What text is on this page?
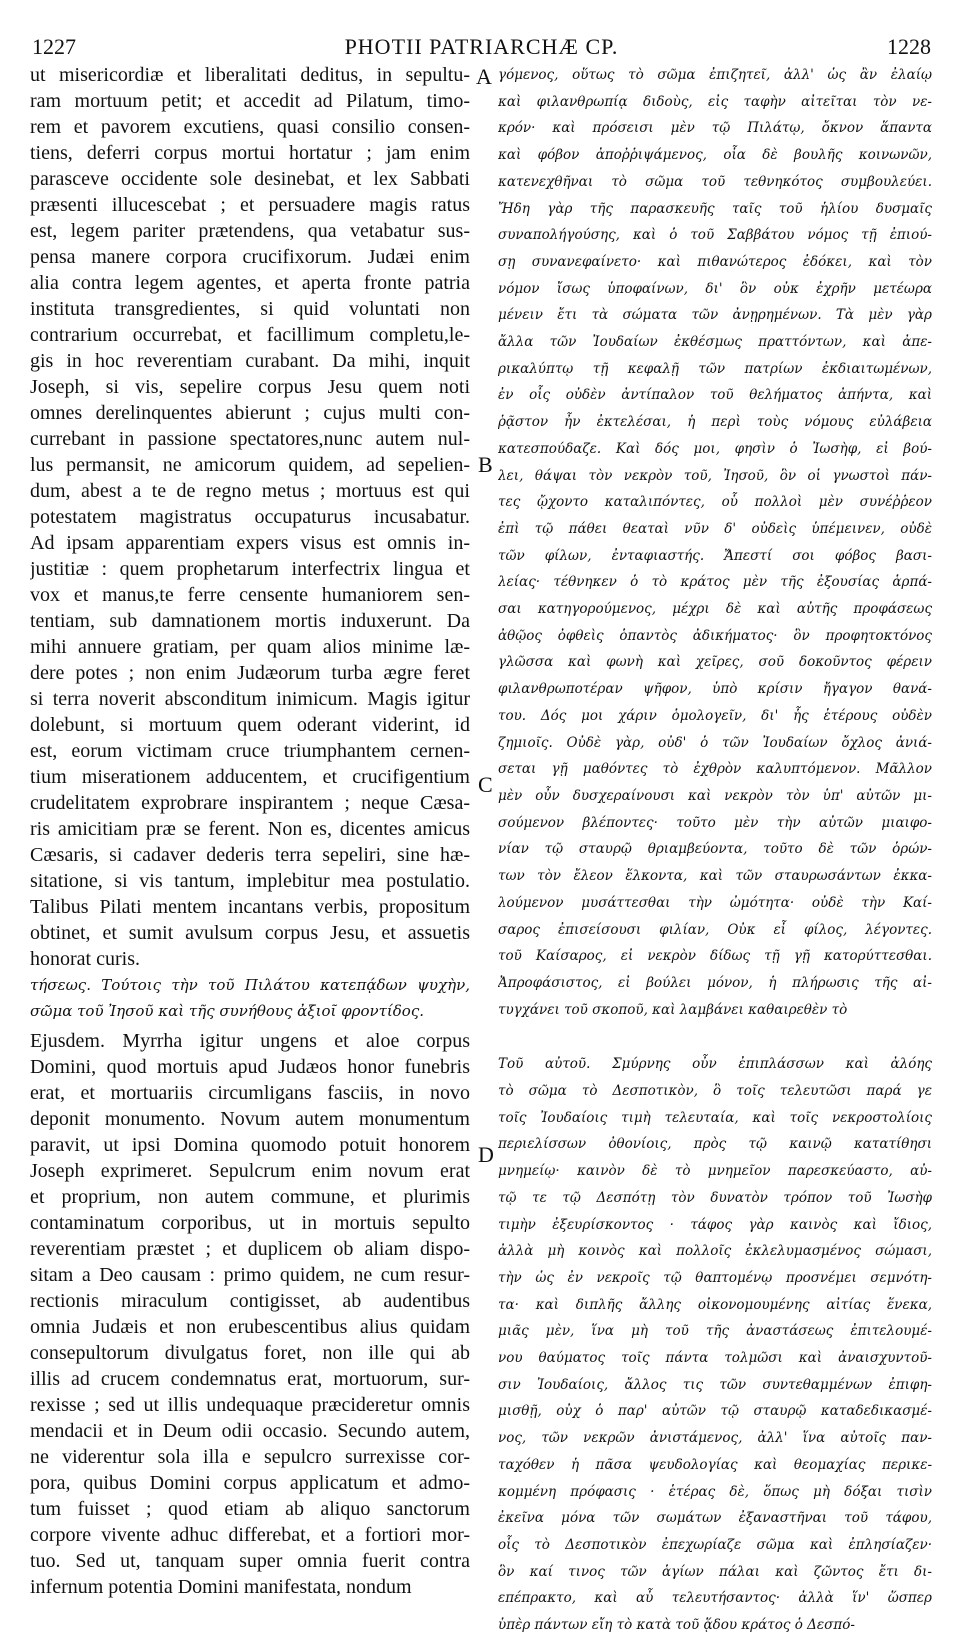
1227	PHOTII PATRIARCHÆ CP.	1228
ut misericordiæ et liberalitati deditus, in sepultu-
ram mortuum petit; et accedit ad Pilatum, timo-
rem et pavorem excutiens, quasi consilio consen-
tiens, deferri corpus mortui hortatur ; jam enim
parasceve occidente sole desinebat, et lex Sabbati
præsenti illucescebat ; et persuadere magis ratus
est, legem pariter prætendens, qua vetabatur sus-
pensa manere corpora crucifixorum. Judæi enim
alia contra legem agentes, et aperta fronte patria
instituta transgredientes, si quid voluntati non
contrarium occurrebat, et facillimum completu,le-
gis in hoc reverentiam curabant. Da mihi, inquit
Joseph, si vis, sepelire corpus Jesu quem noti
omnes derelinquentes abierunt ; cujus multi con-
currebant in passione spectatores,nunc autem nul-
lus permansit, ne amicorum quidem, ad sepelien-
dum, abest a te de regno metus ; mortuus est qui
potestatem magistratus occupaturus incusabatur.
Ad ipsam apparentiam expers visus est omnis in-
justitiæ : quem prophetarum interfectrix lingua et
vox et manus,te ferre censente humaniorem sen-
tentiam, sub damnationem mortis induxerunt. Da
mihi annuere gratiam, per quam alios minime læ-
dere potes ; non enim Judæorum turba ægre feret
si terra noverit absconditum inimicum. Magis igitur
dolebunt, si mortuum quem oderant viderint, id
est, eorum victimam cruce triumphantem cernen-
tium miserationem adducentem, et crucifigentium
crudelitatem exprobrare inspirantem ; neque Cæsa-
ris amicitiam præ se ferent. Non es, dicentes amicus
Cæsaris, si cadaver dederis terra sepeliri, sine hæ-
sitatione, si vis tantum, implebitur mea postulatio.
Talibus Pilati mentem incantans verbis, propositum
obtinet, et sumit avulsum corpus Jesu, et assuetis
honorat curis.
τήσεως. Τούτοις τὴν τοῦ Πιλάτου κατεπᾴδων ψυχὴν,
σῶμα τοῦ Ἰησοῦ καὶ τῆς συνήθους ἀξιοῖ φροντίδος.
Ejusdem. Myrrha igitur ungens et aloe corpus
Domini, quod mortuis apud Judæos honor funebris
erat, et mortuariis circumligans fasciis, in novo
deponit monumento. Novum autem monumentum
paravit, ut ipsi Domina quomodo potuit honorem
Joseph exprimeret. Sepulcrum enim novum erat
et proprium, non autem commune, et plurimis
contaminatum corporibus, ut in mortuis sepulto
reverentiam præstet ; et duplicem ob aliam dispo-
sitam a Deo causam : primo quidem, ne cum resur-
rectionis miraculum contigisset, ab audentibus
omnia Judæis et non erubescentibus alius quidam
consepultorum divulgatus foret, non ille qui ab
illis ad crucem condemnatus erat, mortuorum, sur-
rexisse ; sed ut illis undequaque præcideretur omnis
mendacii et in Deum odii occasio. Secundo autem,
ne viderentur sola illa e sepulcro surrexisse cor-
pora, quibus Domini corpus applicatum et admo-
tum fuisset ; quod etiam ab aliquo sanctorum
corpore vivente adhuc differebat, et a fortiori mor-
tuo. Sed ut, tanquam super omnia fuerit contra
infernum potentia Domini manifestata, nondum
γόμενος, οὕτως τὸ σῶμα ἐπιζητεῖ, ἀλλ' ὡς ἂν ἐλαίῳ
καὶ φιλανθρωπίᾳ διδοὺς, εἰς ταφὴν αἰτεῖται τὸν νε-
κρόν· καὶ πρόσεισι μὲν τῷ Πιλάτῳ, ὄκνον ἅπαντα
καὶ φόβον ἀποῤῥιψάμενος, οἷα δὲ βουλῆς κοινωνῶν,
κατενεχθῆναι τὸ σῶμα τοῦ τεθνηκότος συμβουλεύει.
Ἤδη γὰρ τῆς παρασκευῆς ταῖς τοῦ ἡλίου δυσμαῖς
συναπολήγούσης, καὶ ὁ τοῦ Σαββάτου νόμος τῇ ἐπιού-
σῃ συνανεφαίνετο· καὶ πιθανώτερος ἐδόκει, καὶ τὸν
νόμον ἴσως ὑποφαίνων, δι' ὃν οὐκ ἐχρῆν μετέωρα
μένειν ἔτι τὰ σώματα τῶν ἀνῃρημένων. Τὰ μὲν γὰρ
ἄλλα τῶν Ἰουδαίων ἐκθέσμως πραττόντων, καὶ ἀπε-
ρικαλύπτῳ τῇ κεφαλῇ τῶν πατρίων ἐκδιαιτωμένων,
ἐν οἷς οὐδὲν ἀντίπαλον τοῦ θελήματος ἀπήντα, καὶ
ῥᾷστον ἦν ἐκτελέσαι, ἡ περὶ τοὺς νόμους εὐλάβεια
κατεσπούδαζε. Καὶ δός μοι, φησὶν ὁ Ἰωσὴφ, εἰ βού-
λει, θάψαι τὸν νεκρὸν τοῦ, Ἰησοῦ, ὃν οἱ γνωστοὶ πάν-
τες ᾤχοντο καταλιπόντες, οὗ πολλοὶ μὲν συνέῤῥεον
ἐπὶ τῷ πάθει θεαταὶ νῦν δ' οὐδεὶς ὑπέμεινεν, οὐδὲ
τῶν φίλων, ἐνταφιαστής. Ἄπεστί σοι φόβος βασι-
λείας· τέθνηκεν ὁ τὸ κράτος μὲν τῆς ἐξουσίας ἁρπά-
σαι κατηγορούμενος, μέχρι δὲ καὶ αὐτῆς προφάσεως
ἀθῷος ὀφθεὶς ὁπαντὸς ἀδικήματος· ὃν προφητοκτόνος
γλῶσσα καὶ φωνὴ καὶ χεῖρες, σοῦ δοκοῦντος φέρειν
φιλανθρωποτέραν ψῆφον, ὑπὸ κρίσιν ἤγαγον θανά-
του. Δός μοι χάριν ὁμολογεῖν, δι' ἧς ἑτέρους οὐδὲν
ζημιοῖς. Οὐδὲ γὰρ, οὐδ' ὁ τῶν Ἰουδαίων ὄχλος ἀνιά-
σεται γῇ μαθόντες τὸ ἐχθρὸν καλυπτόμενον. Μᾶλλον
μὲν οὖν δυσχεραίνουσι καὶ νεκρὸν τὸν ὑπ' αὐτῶν μι-
σούμενον βλέποντες· τοῦτο μὲν τὴν αὐτῶν μιαιφο-
νίαν τῷ σταυρῷ θριαμβεύοντα, τοῦτο δὲ τῶν ὁρών-
των τὸν ἔλεον ἕλκοντα, καὶ τῶν σταυρωσάντων ἐκκα-
λούμενον μυσάττεσθαι τὴν ὠμότητα· οὐδὲ τὴν Καί-
σαρος ἐπισείσουσι φιλίαν, Οὐκ εἶ φίλος, λέγοντες.
τοῦ Καίσαρος, εἰ νεκρὸν δίδως τῇ γῇ κατορύττεσθαι.
Ἀπροφάσιστος, εἰ βούλει μόνον, ἡ πλήρωσις τῆς αἰ-
τυγχάνει τοῦ σκοποῦ, καὶ λαμβάνει καθαιρεθὲν τὸ
Τοῦ αὐτοῦ. Σμύρνης οὖν ἐπιπλάσσων καὶ ἀλόης
τὸ σῶμα τὸ Δεσποτικὸν, ὃ τοῖς τελευτῶσι παρά γε
τοῖς Ἰουδαίοις τιμὴ τελευταία, καὶ τοῖς νεκροστολίοις
περιελίσσων ὀθονίοις, πρὸς τῷ καινῷ κατατίθησι
μνημείῳ· καινὸν δὲ τὸ μνημεῖον παρεσκεύαστο, αὐ-
τῷ τε τῷ Δεσπότῃ τὸν δυνατὸν τρόπον τοῦ Ἰωσὴφ
τιμὴν ἐξευρίσκοντος · τάφος γὰρ καινὸς καὶ ἴδιος,
ἀλλὰ μὴ κοινὸς καὶ πολλοῖς ἐκλελυμασμένος σώμασι,
τὴν ὡς ἐν νεκροῖς τῷ θαπτομένῳ προσνέμει σεμνότη-
τα· καὶ διπλῆς ἄλλης οἰκονομουμένης αἰτίας ἕνεκα,
μιᾶς μὲν, ἵνα μὴ τοῦ τῆς ἀναστάσεως ἐπιτελουμέ-
νου θαύματος τοῖς πάντα τολμῶσι καὶ ἀναισχυντοῦ-
σιν Ἰουδαίοις, ἄλλος τις τῶν συντεθαμμένων ἐπιφη-
μισθῇ, οὐχ ὁ παρ' αὐτῶν τῷ σταυρῷ καταδεδικασμέ-
νος, τῶν νεκρῶν ἀνιστάμενος, ἀλλ' ἵνα αὐτοῖς παν-
ταχόθεν ἡ πᾶσα ψευδολογίας καὶ θεομαχίας περικε-
κομμένη πρόφασις · ἑτέρας δὲ, ὅπως μὴ δόξαι τισὶν
ἐκεῖνα μόνα τῶν σωμάτων ἐξαναστῆναι τοῦ τάφου,
οἷς τὸ Δεσποτικὸν ἐπεχωρίαζε σῶμα καὶ ἐπλησίαζεν·
ὃν καί τινος τῶν ἁγίων πάλαι καὶ ζῶντος ἔτι δι-
επέπρακτο, καὶ αὖ τελευτήσαντος· ἀλλὰ ἵν' ὥσπερ
ὑπὲρ πάντων εἴη τὸ κατὰ τοῦ ᾅδου κράτος ὁ Δεσπό-
A
B
C
D
